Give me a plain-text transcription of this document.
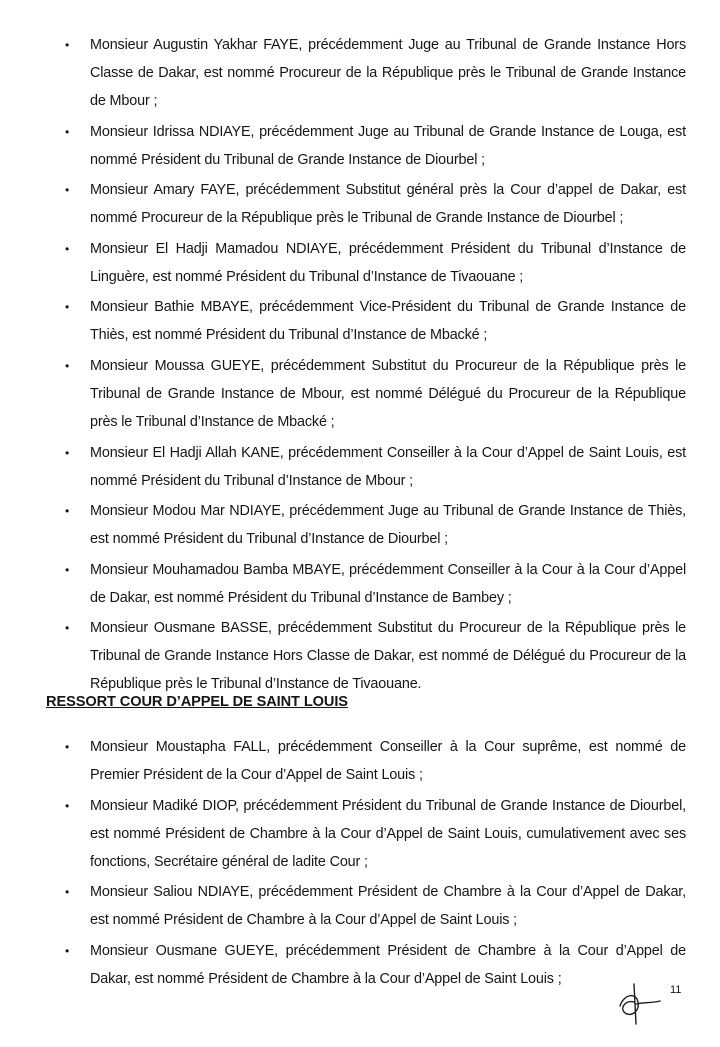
• Monsieur Augustin Yakhar FAYE, précédemment Juge au Tribunal de Grande Instance Hors Classe de Dakar, est nommé Procureur de la République près le Tribunal de Grande Instance de Mbour ;
• Monsieur Idrissa NDIAYE, précédemment Juge au Tribunal de Grande Instance de Louga, est nommé Président du Tribunal de Grande Instance de Diourbel ;
• Monsieur Amary FAYE, précédemment Substitut général près la Cour d’appel de Dakar, est nommé Procureur de la République près le Tribunal de Grande Instance de Diourbel ;
• Monsieur El Hadji Mamadou NDIAYE, précédemment Président du Tribunal d’Instance de Linguère, est nommé Président du Tribunal d’Instance de Tivaouane ;
• Monsieur Bathie MBAYE, précédemment Vice-Président du Tribunal de Grande Instance de Thiès, est nommé Président du Tribunal d’Instance de Mbacké ;
• Monsieur Moussa GUEYE, précédemment Substitut du Procureur de la République près le Tribunal de Grande Instance de Mbour, est nommé Délégué du Procureur de la République près le Tribunal d’Instance de Mbacké ;
• Monsieur El Hadji Allah KANE, précédemment Conseiller à la Cour d’Appel de Saint Louis, est nommé Président du Tribunal d’Instance de Mbour ;
• Monsieur Modou Mar NDIAYE, précédemment Juge au Tribunal de Grande Instance de Thiès, est nommé Président du Tribunal d’Instance de Diourbel ;
• Monsieur Mouhamadou Bamba MBAYE, précédemment Conseiller à la Cour à la Cour d’Appel de Dakar, est nommé Président du Tribunal d’Instance de Bambey ;
• Monsieur Ousmane BASSE, précédemment Substitut du Procureur de la République près le Tribunal de Grande Instance Hors Classe de Dakar, est nommé de Délégué du Procureur de la République près le Tribunal d’Instance de Tivaouane.
RESSORT COUR D’APPEL DE SAINT LOUIS
• Monsieur Moustapha FALL, précédemment Conseiller à la Cour suprême, est nommé de Premier Président de la Cour d’Appel de Saint Louis ;
• Monsieur Madiké DIOP, précédemment Président du Tribunal de Grande Instance de Diourbel, est nommé Président de Chambre à la Cour d’Appel de Saint Louis, cumulativement avec ses fonctions, Secrétaire général de ladite Cour ;
• Monsieur Saliou NDIAYE, précédemment Président de Chambre à la Cour d’Appel de Dakar, est nommé Président de Chambre à la Cour d’Appel de Saint Louis ;
• Monsieur Ousmane GUEYE, précédemment Président de Chambre à la Cour d’Appel de Dakar, est nommé Président de Chambre à la Cour d’Appel de Saint Louis ;
11
